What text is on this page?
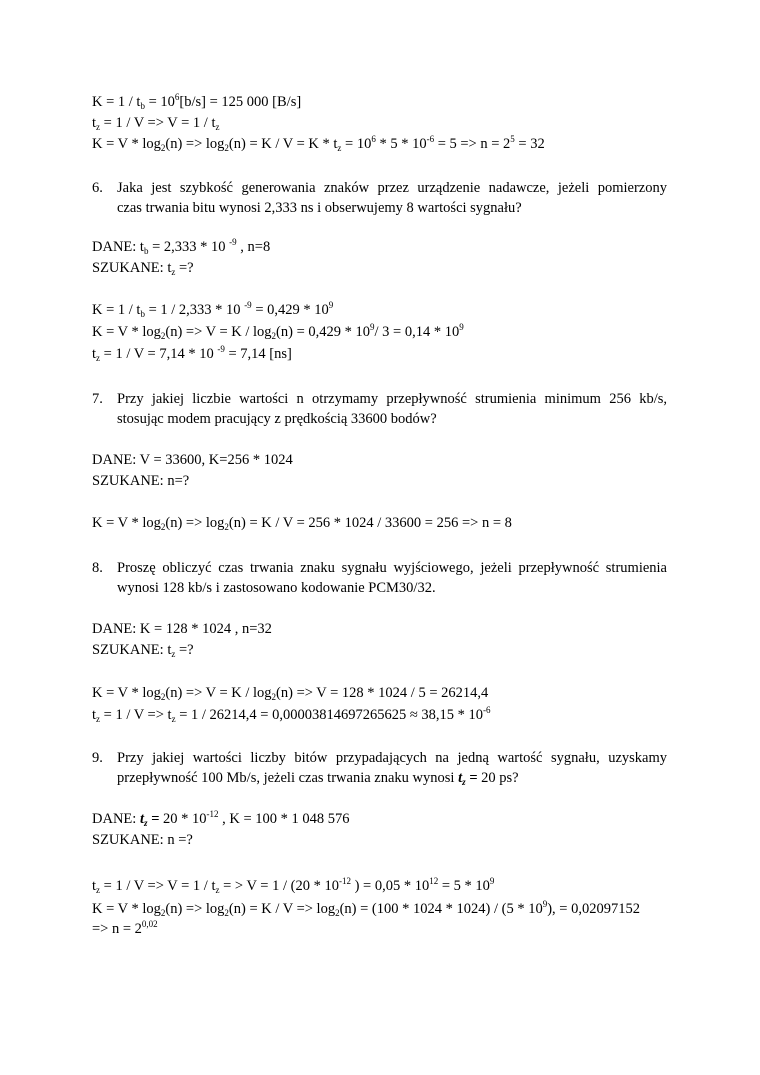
$K = 1 / t_b = 10^6[b/s] = 125$ 000 [B/s]
$t_z = 1 / V => V = 1 / t_z$
$K = V * \log_2(n) => \log_2(n) = K / V = K * t_z = 10^6 * 5 * 10^{-6} = 5 => n = 2^5 = 32$
6. Jaka jest szybkość generowania znaków przez urządzenie nadawcze, jeżeli pomierzony
czas trwania bitu wynosi 2,333 ns i obserwujemy 8 wartości sygnału?
DANE: $t_b = 2,333 * 10$ $^{-9}$ , n=8
SZUKANE: $t_z$ =?
$K = 1 / t_b = 1 / 2,333 * 10$ $^{-9} = 0,429 * 10^9$
$K = V * \log_2(n) => V = K / \log_2(n) = 0,429 * 10^9/$ $3 = 0,14 * 10^9$
$t_z = 1 / V = 7,14 * 10$ $^{-9}$ = 7,14 [ns]
7. Przy jakiej liczbie wartości n otrzymamy przepływność strumienia minimum 256 kb/s,
stosując modem pracujący z prędkością 33600 bodów?
DANE: V = 33600, K=256 * 1024
SZUKANE: n=?
$K = V * \log_2(n) => \log_2(n) = K / V = 256 * 1024 / 33600 = 256 => n = 8$
8. Proszę obliczyć czas trwania znaku sygnału wyjściowego, jeżeli przepływność strumienia
wynosi 128 kb/s i zastosowano kodowanie PCM30/32.
DANE: K = 128 * 1024 , n=32
SZUKANE: $t_z$ =?
$K = V * \log_2(n) => V = K / \log_2(n) => V = 128 * 1024 / 5 = 26214,4$
$t_z = 1 / V => t_z = 1 / 26214,4 = 0,00003814697265625 \approx 38,15 * 10^{-6}$
9. Przy jakiej wartości liczby bitów przypadających na jedną wartość sygnału, uzyskamy
przepływność 100 Mb/s, jeżeli czas trwania znaku wynosi $t_z = 20$ ps?
DANE: $t_z = 20 * 10^{-12}$ , K = 100 * 1 048 576
SZUKANE: n =?
$t_z = 1 / V => V = 1 / t_z$ = > $V = 1 / (20 * 10^{-12}$ ) = $0,05 * 10^{12} = 5 * 10^9$
$K = V * \log_2(n) => \log_2(n) = K / V => \log_2(n) = (100 * 1024 * 1024) / (5 * 10^9)$, = 0,02097152
=> $n = 2^{0,02}$
